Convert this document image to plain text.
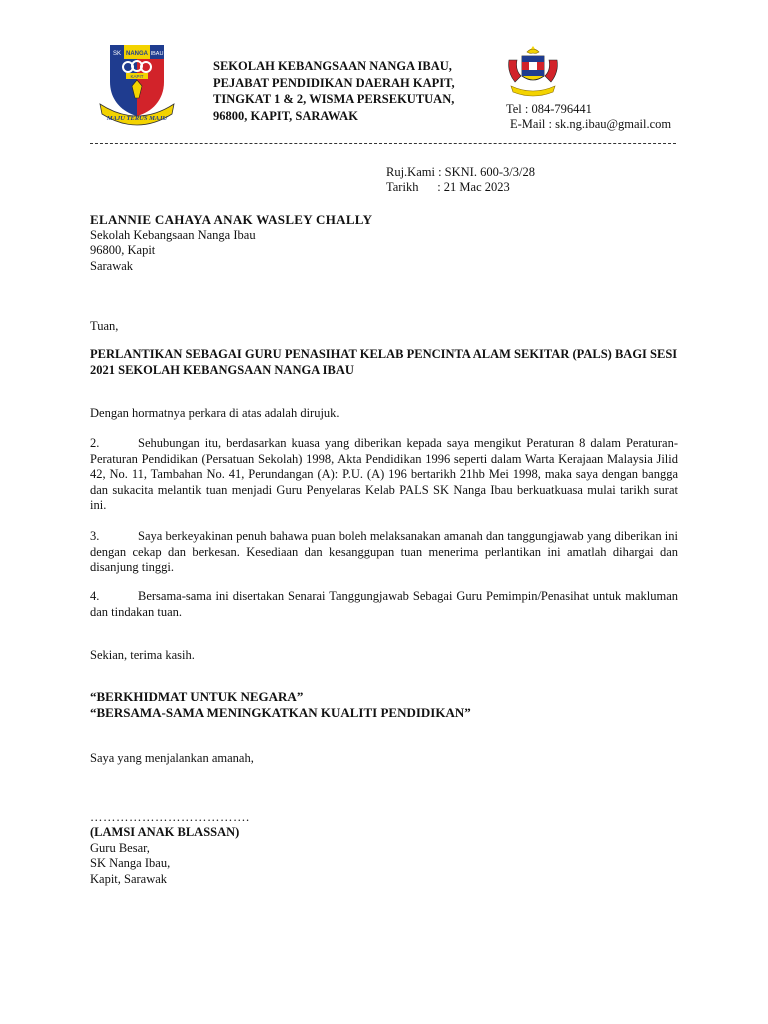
SK	IBAU
NANGA
KAPIT
MAJU TERUS MAJU
SEKOLAH KEBANGSAAN NANGA IBAU,
PEJABAT PENDIDIKAN DAERAH KAPIT,
TINGKAT 1 & 2, WISMA PERSEKUTUAN,
96800, KAPIT, SARAWAK	Tel : 084-796441
E-Mail : sk.ng.ibau@gmail.com
Ruj.Kami : SKNI. 600-3/3/28
Tarikh      : 21 Mac 2023
ELANNIE CAHAYA ANAK WASLEY CHALLY
Sekolah Kebangsaan Nanga Ibau
96800, Kapit
Sarawak
Tuan,
PERLANTIKAN SEBAGAI GURU PENASIHAT KELAB PENCINTA ALAM SEKITAR (PALS) BAGI SESI 2021 SEKOLAH KEBANGSAAN NANGA IBAU
Dengan hormatnya perkara di atas adalah dirujuk.
2.	Sehubungan itu, berdasarkan kuasa yang diberikan kepada saya mengikut Peraturan 8 dalam Peraturan-Peraturan Pendidikan (Persatuan Sekolah) 1998, Akta Pendidikan 1996 seperti dalam Warta Kerajaan Malaysia Jilid 42, No. 11, Tambahan No. 41, Perundangan (A): P.U. (A) 196 bertarikh 21hb Mei 1998, maka saya dengan bangga dan sukacita melantik tuan menjadi Guru Penyelaras Kelab PALS SK Nanga Ibau berkuatkuasa mulai tarikh surat ini.
3.	Saya berkeyakinan penuh bahawa puan boleh melaksanakan amanah dan tanggungjawab yang diberikan ini dengan cekap dan berkesan. Kesediaan dan kesanggupan tuan menerima perlantikan ini amatlah dihargai dan disanjung tinggi.
4.	Bersama-sama ini disertakan Senarai Tanggungjawab Sebagai Guru Pemimpin/Penasihat untuk makluman dan tindakan tuan.
Sekian, terima kasih.
“BERKHIDMAT UNTUK NEGARA”
“BERSAMA-SAMA MENINGKATKAN KUALITI PENDIDIKAN”
Saya yang menjalankan amanah,
……………………………….
(LAMSI ANAK BLASSAN)
Guru Besar,
SK Nanga Ibau,
Kapit, Sarawak
